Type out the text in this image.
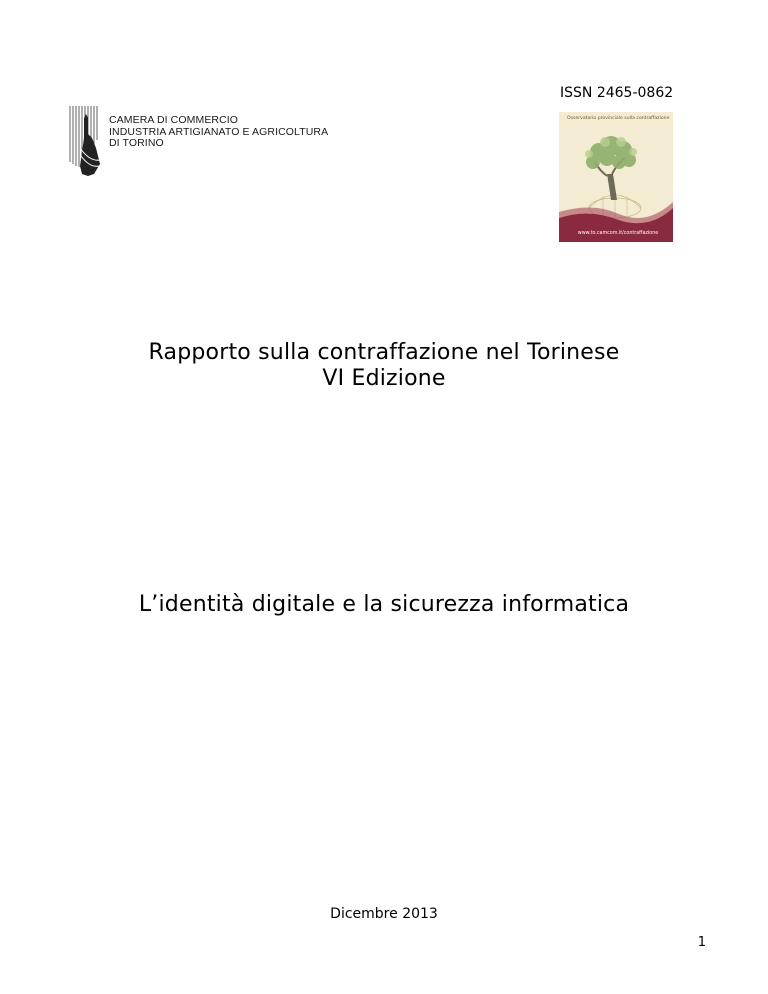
ISSN 2465-0862
CAMERA DI COMMERCIO
INDUSTRIA ARTIGIANATO E AGRICOLTURA
DI TORINO
Osservatorio provinciale sulla contraffazione
www.to.camcom.it/contraffazione
Rapporto sulla contraffazione nel Torinese
VI Edizione
L’identità digitale e la sicurezza informatica
Dicembre 2013
1
